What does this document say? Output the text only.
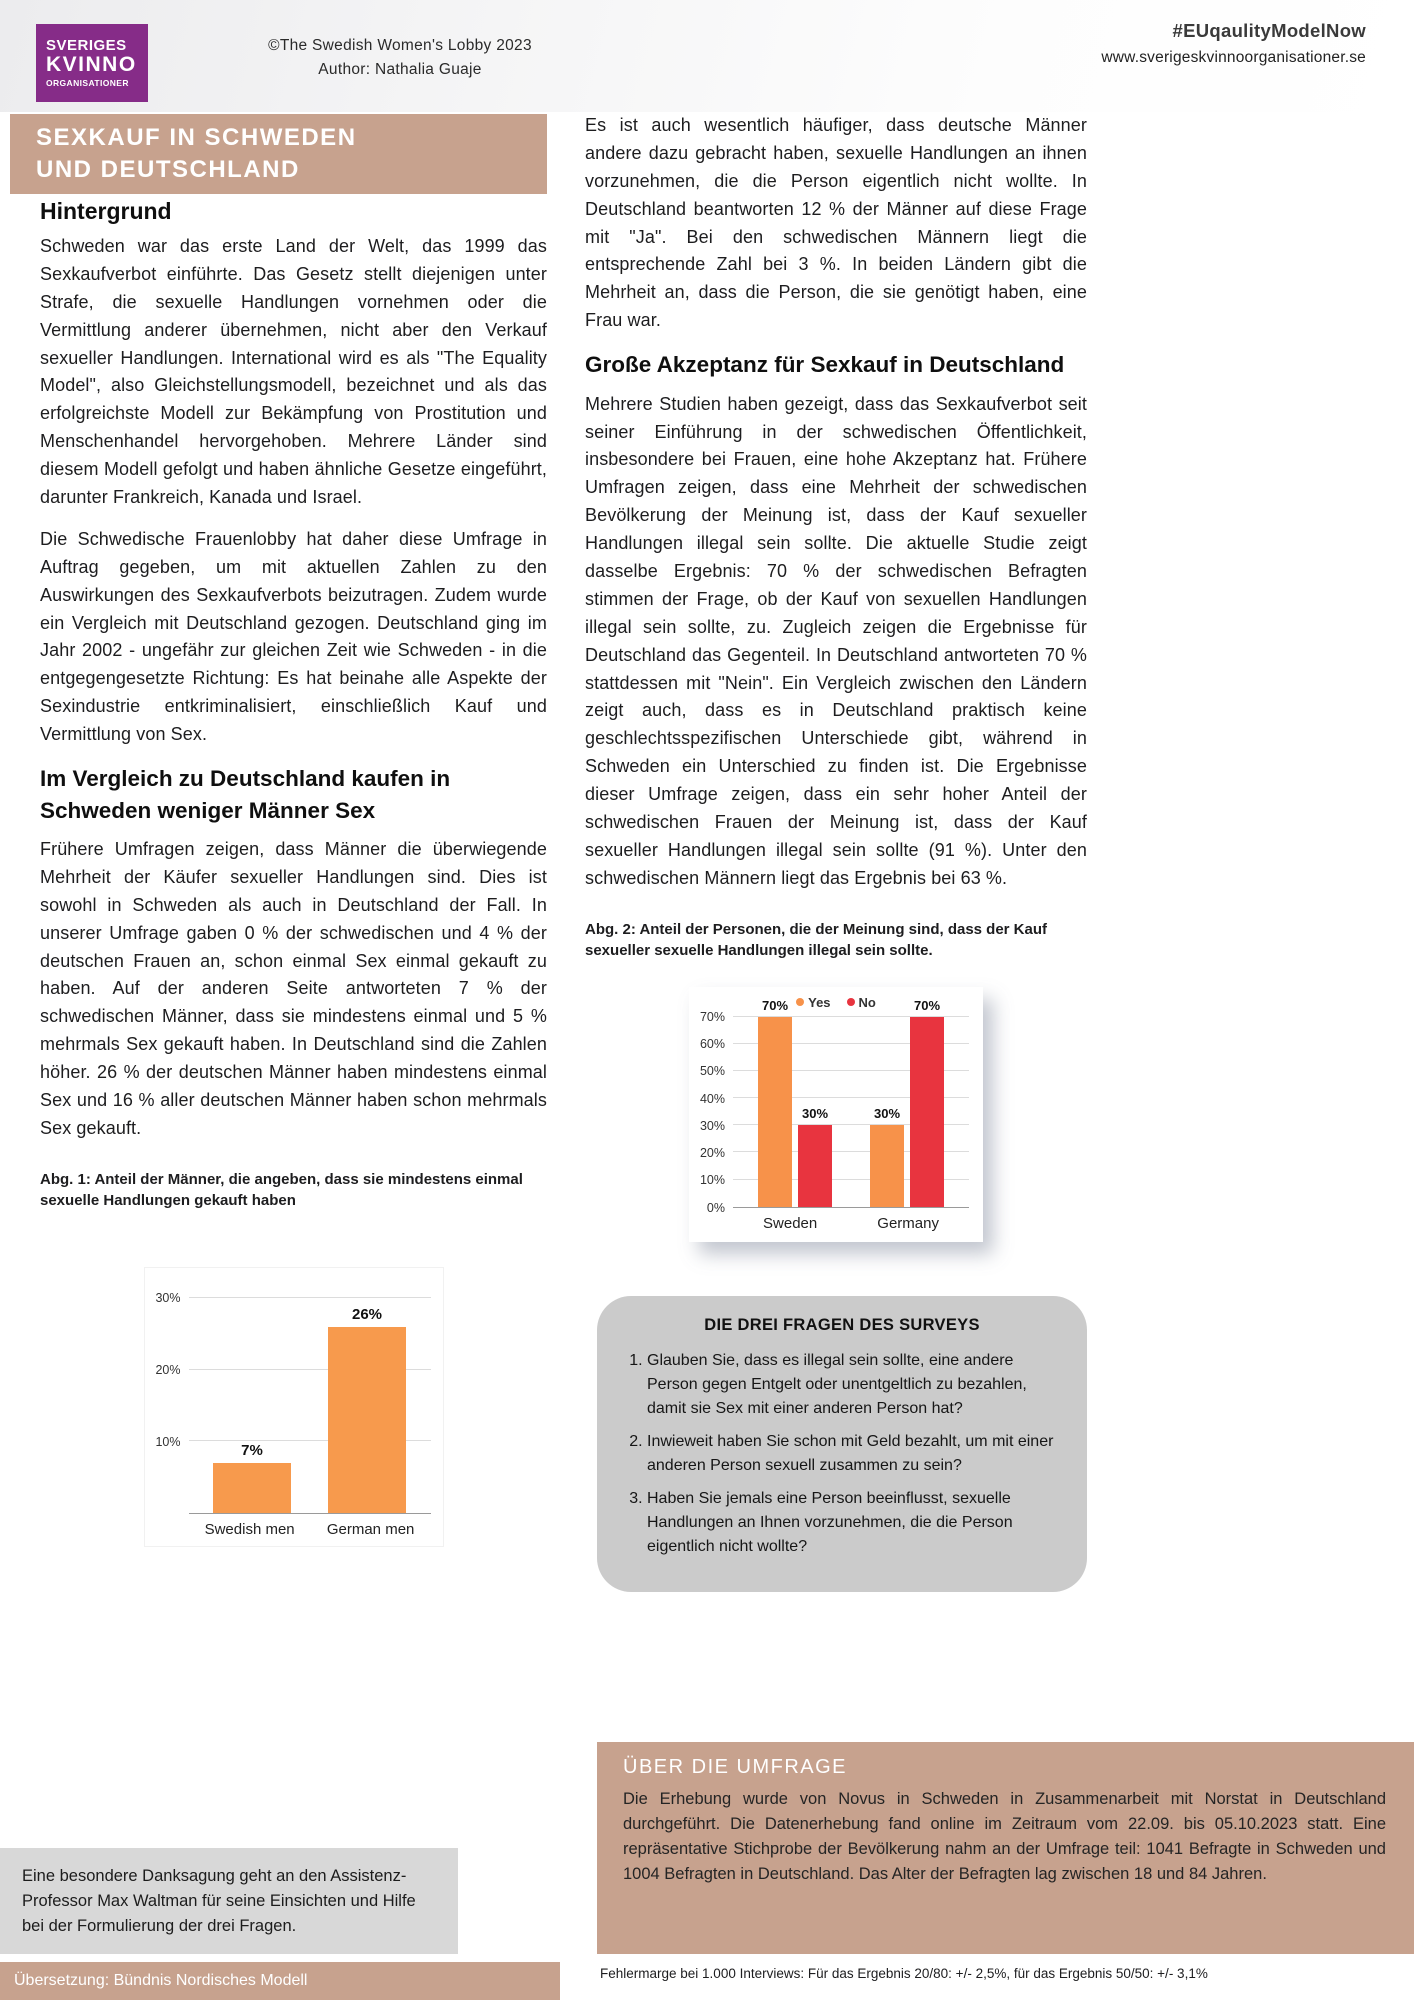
SVERIGES
KVINNO
ORGANISATIONER
©The Swedish Women's Lobby 2023
Author: Nathalia Guaje
#EUqaulityModelNow
www.sverigeskvinnoorganisationer.se
SEXKAUF IN SCHWEDEN
UND DEUTSCHLAND
Hintergrund

Schweden war das erste Land der Welt, das 1999 das Sexkaufverbot einführte. Das Gesetz stellt diejenigen unter Strafe, die sexuelle Handlungen vornehmen oder die Vermittlung anderer übernehmen, nicht aber den Verkauf sexueller Handlungen. International wird es als "The Equality Model", also Gleichstellungsmodell, bezeichnet und als das erfolgreichste Modell zur Bekämpfung von Prostitution und Menschenhandel hervorgehoben. Mehrere Länder sind diesem Modell gefolgt und haben ähnliche Gesetze eingeführt, darunter Frankreich, Kanada und Israel.

Die Schwedische Frauenlobby hat daher diese Umfrage in Auftrag gegeben, um mit aktuellen Zahlen zu den Auswirkungen des Sexkaufverbots beizutragen. Zudem wurde ein Vergleich mit Deutschland gezogen. Deutschland ging im Jahr 2002 - ungefähr zur gleichen Zeit wie Schweden - in die entgegengesetzte Richtung: Es hat beinahe alle Aspekte der Sexindustrie entkriminalisiert, einschließlich Kauf und Vermittlung von Sex.

Im Vergleich zu Deutschland kaufen in
Schweden weniger Männer Sex

Frühere Umfragen zeigen, dass Männer die überwiegende Mehrheit der Käufer sexueller Handlungen sind. Dies ist sowohl in Schweden als auch in Deutschland der Fall. In unserer Umfrage gaben 0 % der schwedischen und 4 % der deutschen Frauen an, schon einmal Sex einmal gekauft zu haben. Auf der anderen Seite antworteten 7 % der schwedischen Männer, dass sie mindestens einmal und 5 % mehrmals Sex gekauft haben. In Deutschland sind die Zahlen höher. 26 % der deutschen Männer haben mindestens einmal Sex und 16 % aller deutschen Männer haben schon mehrmals Sex gekauft.

Abg. 1: Anteil der Männer, die angeben, dass sie mindestens einmal sexuelle Handlungen gekauft haben
10%
20%
30%
7%
26%
Swedish men German men

Es ist auch wesentlich häufiger, dass deutsche Männer andere dazu gebracht haben, sexuelle Handlungen an ihnen vorzunehmen, die die Person eigentlich nicht wollte. In Deutschland beantworten 12 % der Männer auf diese Frage mit "Ja". Bei den schwedischen Männern liegt die entsprechende Zahl bei 3 %. In beiden Ländern gibt die Mehrheit an, dass die Person, die sie genötigt haben, eine Frau war.

Große Akzeptanz für Sexkauf in Deutschland

Mehrere Studien haben gezeigt, dass das Sexkaufverbot seit seiner Einführung in der schwedischen Öffentlichkeit, insbesondere bei Frauen, eine hohe Akzeptanz hat. Frühere Umfragen zeigen, dass eine Mehrheit der schwedischen Bevölkerung der Meinung ist, dass der Kauf sexueller Handlungen illegal sein sollte. Die aktuelle Studie zeigt dasselbe Ergebnis: 70 % der schwedischen Befragten stimmen der Frage, ob der Kauf von sexuellen Handlungen illegal sein sollte, zu. Zugleich zeigen die Ergebnisse für Deutschland das Gegenteil. In Deutschland antworteten 70 % stattdessen mit "Nein". Ein Vergleich zwischen den Ländern zeigt auch, dass es in Deutschland praktisch keine geschlechtsspezifischen Unterschiede gibt, während in Schweden ein Unterschied zu finden ist. Die Ergebnisse dieser Umfrage zeigen, dass ein sehr hoher Anteil der schwedischen Frauen der Meinung ist, dass der Kauf sexueller Handlungen illegal sein sollte (91 %). Unter den schwedischen Männern liegt das Ergebnis bei 63 %.

Abg. 2: Anteil der Personen, die der Meinung sind, dass der Kauf sexueller sexuelle Handlungen illegal sein sollte.
Yes No
0%
10%
20%
30%
40%
50%
60%
70%
70%
30%	30%
70%
Sweden	Germany
DIE DREI FRAGEN DES SURVEYS
1. Glauben Sie, dass es illegal sein sollte, eine andere Person gegen Entgelt oder unentgeltlich zu bezahlen, damit sie Sex mit einer anderen Person hat?
2. Inwieweit haben Sie schon mit Geld bezahlt, um mit einer anderen Person sexuell zusammen zu sein?
3. Haben Sie jemals eine Person beeinflusst, sexuelle Handlungen an Ihnen vorzunehmen, die die Person eigentlich nicht wollte?
ÜBER DIE UMFRAGE
Die Erhebung wurde von Novus in Schweden in Zusammenarbeit mit Norstat in Deutschland durchgeführt. Die Datenerhebung fand online im Zeitraum vom 22.09. bis 05.10.2023 statt. Eine repräsentative Stichprobe der Bevölkerung nahm an der Umfrage teil: 1041 Befragte in Schweden und 1004 Befragten in Deutschland. Das Alter der Befragten lag zwischen 18 und 84 Jahren.
Fehlermarge bei 1.000 Interviews: Für das Ergebnis 20/80: +/- 2,5%, für das Ergebnis 50/50: +/- 3,1%
Eine besondere Danksagung geht an den Assistenz-Professor Max Waltman für seine Einsichten und Hilfe bei der Formulierung der drei Fragen.
Übersetzung: Bündnis Nordisches Modell
